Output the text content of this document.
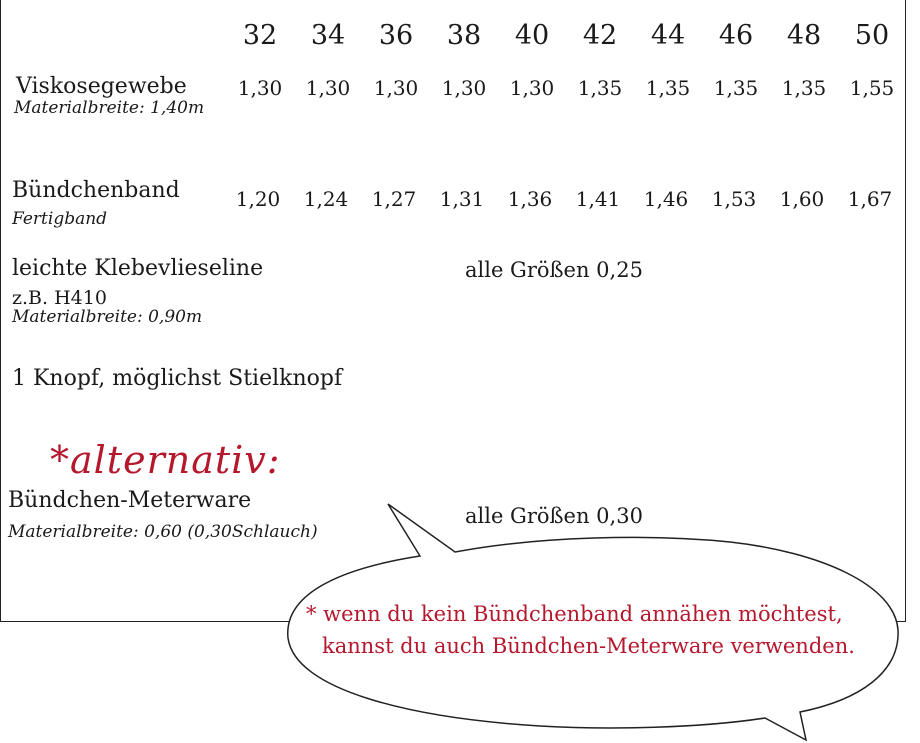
32	34	36	38	40	42	44	46	48	50
Viskosegewebe
Materialbreite: 1,40m
1,30	1,30	1,30	1,30	1,30	1,35	1,35	1,35	1,35	1,55
Bündchenband
Fertigband
1,20	1,24	1,27	1,31	1,36	1,41	1,46	1,53	1,60	1,67
leichte Klebevlieseline
z.B. H410
Materialbreite: 0,90m
alle Größen 0,25
1 Knopf, möglichst Stielknopf
*alternativ:
Bündchen-Meterware
Materialbreite: 0,60 (0,30Schlauch)
alle Größen 0,30
* wenn du kein Bündchenband annähen möchtest,
kannst du auch Bündchen-Meterware verwenden.
